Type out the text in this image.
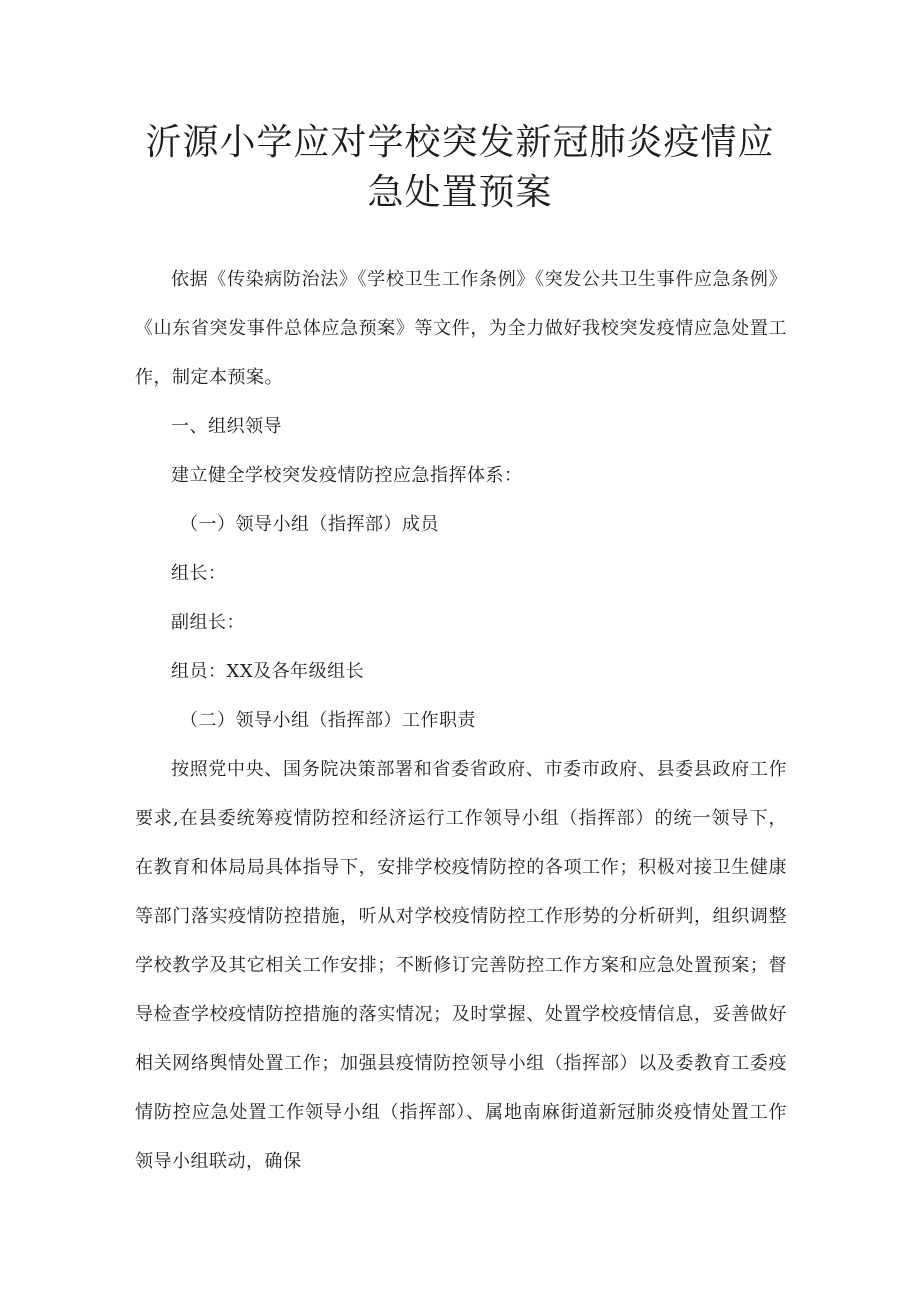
沂源小学应对学校突发新冠肺炎疫情应急处置预案

依据《传染病防治法》《学校卫生工作条例》《突发公共卫生事件应急条例》《山东省突发事件总体应急预案》等文件，为全力做好我校突发疫情应急处置工作，制定本预案。

一、组织领导

建立健全学校突发疫情防控应急指挥体系：

（一）领导小组（指挥部）成员

组长：

副组长：

组员：XX及各年级组长

（二）领导小组（指挥部）工作职责

按照党中央、国务院决策部署和省委省政府、市委市政府、县委县政府工作要求,在县委统筹疫情防控和经济运行工作领导小组（指挥部）的统一领导下，在教育和体局局具体指导下，安排学校疫情防控的各项工作；积极对接卫生健康等部门落实疫情防控措施，听从对学校疫情防控工作形势的分析研判，组织调整学校教学及其它相关工作安排；不断修订完善防控工作方案和应急处置预案；督导检查学校疫情防控措施的落实情况；及时掌握、处置学校疫情信息，妥善做好相关网络舆情处置工作；加强县疫情防控领导小组（指挥部）以及委教育工委疫情防控应急处置工作领导小组（指挥部）、属地南麻街道新冠肺炎疫情处置工作领导小组联动，确保
